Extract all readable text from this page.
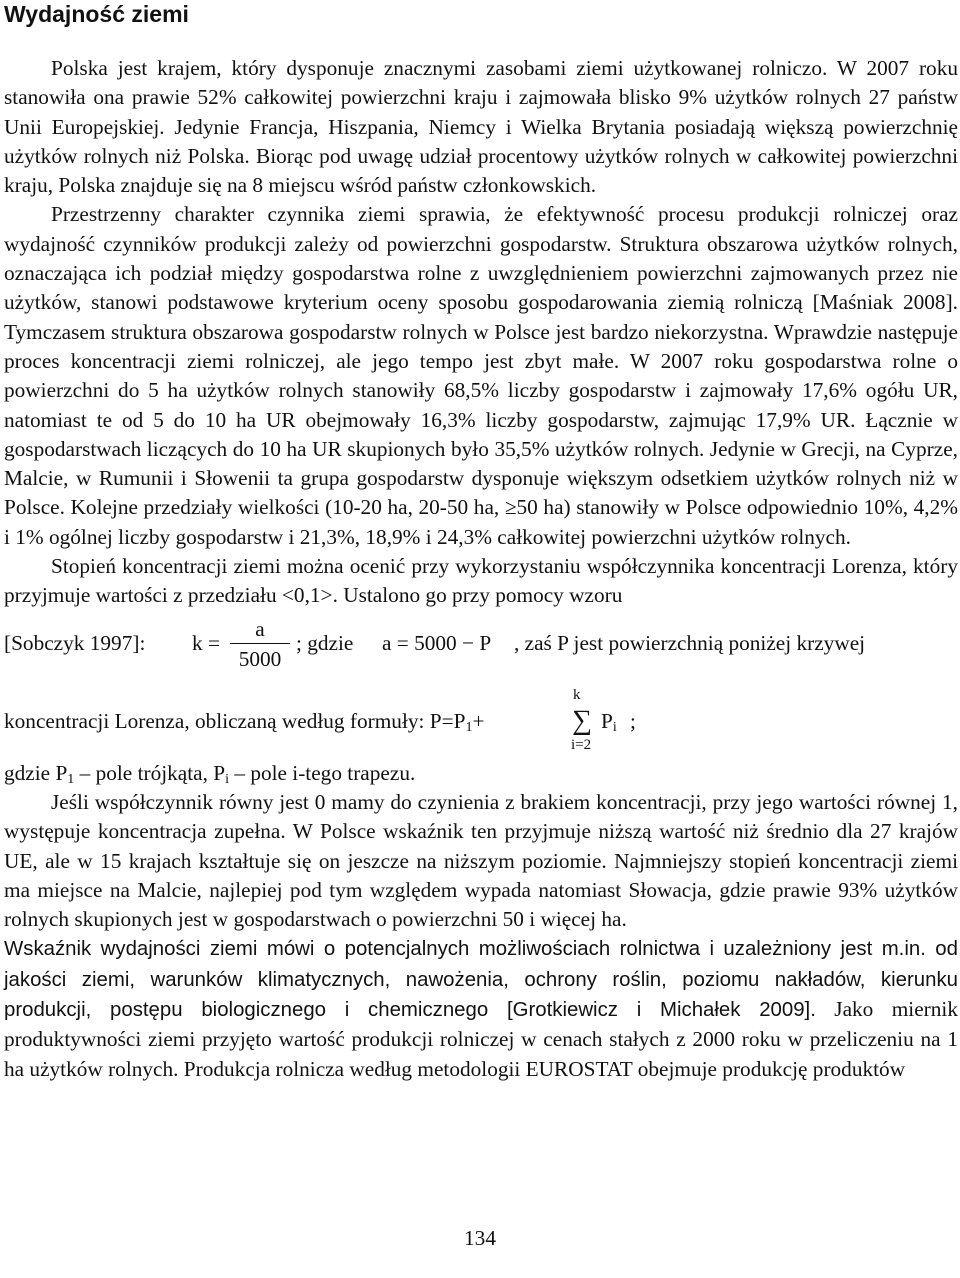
Wydajność ziemi

Polska jest krajem, który dysponuje znacznymi zasobami ziemi użytkowanej rolniczo. W 2007 roku stanowiła ona prawie 52% całkowitej powierzchni kraju i zajmowała blisko 9% użytków rolnych 27 państw Unii Europejskiej. Jedynie Francja, Hiszpania, Niemcy i Wielka Brytania posiadają większą powierzchnię użytków rolnych niż Polska. Biorąc pod uwagę udział procentowy użytków rolnych w całkowitej powierzchni kraju, Polska znajduje się na 8 miejscu wśród państw członkowskich.

Przestrzenny charakter czynnika ziemi sprawia, że efektywność procesu produkcji rolniczej oraz wydajność czynników produkcji zależy od powierzchni gospodarstw. Struktura obszarowa użytków rolnych, oznaczająca ich podział między gospodarstwa rolne z uwzględnieniem powierzchni zajmowanych przez nie użytków, stanowi podstawowe kryterium oceny sposobu gospodarowania ziemią rolniczą [Maśniak 2008]. Tymczasem struktura obszarowa gospodarstw rolnych w Polsce jest bardzo niekorzystna. Wprawdzie następuje proces koncentracji ziemi rolniczej, ale jego tempo jest zbyt małe. W 2007 roku gospodarstwa rolne o powierzchni do 5 ha użytków rolnych stanowiły 68,5% liczby gospodarstw i zajmowały 17,6% ogółu UR, natomiast te od 5 do 10 ha UR obejmowały 16,3% liczby gospodarstw, zajmując 17,9% UR. Łącznie w gospodarstwach liczących do 10 ha UR skupionych było 35,5% użytków rolnych. Jedynie w Grecji, na Cyprze, Malcie, w Rumunii i Słowenii ta grupa gospodarstw dysponuje większym odsetkiem użytków rolnych niż w Polsce. Kolejne przedziały wielkości (10-20 ha, 20-50 ha, ≥50 ha) stanowiły w Polsce odpowiednio 10%, 4,2% i 1% ogólnej liczby gospodarstw i 21,3%, 18,9% i 24,3% całkowitej powierzchni użytków rolnych.

Stopień koncentracji ziemi można ocenić przy wykorzystaniu współczynnika koncentracji Lorenza, który przyjmuje wartości z przedziału <0,1>. Ustalono go przy pomocy wzoru

[Sobczyk 1997]: k =
a
5000
; gdzie a = 5000 − P , zaś P jest powierzchnią poniżej krzywej
koncentracji Lorenza, obliczaną według formuły: $P=P_1+$
k
∑
i=2
$P_i$ ;

gdzie $P_1$ – pole trójkąta, $P_i$ – pole i-tego trapezu.

Jeśli współczynnik równy jest 0 mamy do czynienia z brakiem koncentracji, przy jego wartości równej 1, występuje koncentracja zupełna. W Polsce wskaźnik ten przyjmuje niższą wartość niż średnio dla 27 krajów UE, ale w 15 krajach kształtuje się on jeszcze na niższym poziomie. Najmniejszy stopień koncentracji ziemi ma miejsce na Malcie, najlepiej pod tym względem wypada natomiast Słowacja, gdzie prawie 93% użytków rolnych skupionych jest w gospodarstwach o powierzchni 50 i więcej ha.

Wskaźnik wydajności ziemi mówi o potencjalnych możliwościach rolnictwa i uzależniony jest m.in. od jakości ziemi, warunków klimatycznych, nawożenia, ochrony roślin, poziomu nakładów, kierunku produkcji, postępu biologicznego i chemicznego [Grotkiewicz i Michałek 2009]. Jako miernik produktywności ziemi przyjęto wartość produkcji rolniczej w cenach stałych z 2000 roku w przeliczeniu na 1 ha użytków rolnych. Produkcja rolnicza według metodologii EUROSTAT obejmuje produkcję produktów

134
